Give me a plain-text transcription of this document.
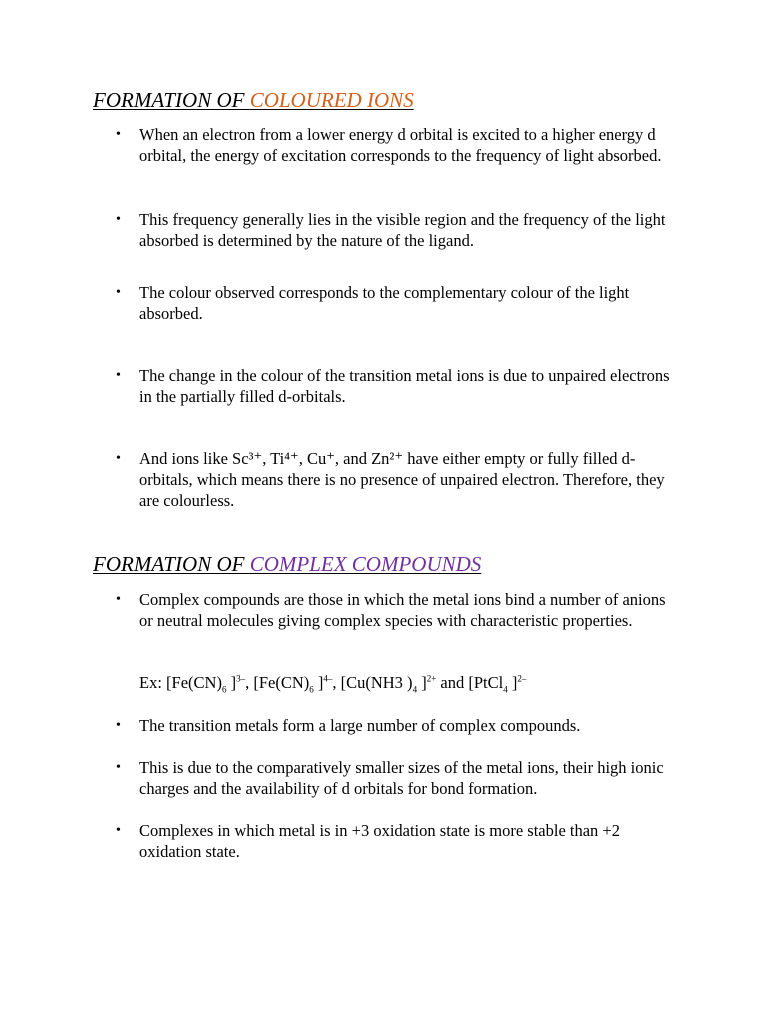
FORMATION OF COLOURED IONS
• When an electron from a lower energy d orbital is excited to a higher energy d orbital, the energy of excitation corresponds to the frequency of light absorbed.
• This frequency generally lies in the visible region and the frequency of the light absorbed is determined by the nature of the ligand.
• The colour observed corresponds to the complementary colour of the light absorbed.
• The change in the colour of the transition metal ions is due to unpaired electrons in the partially filled d-orbitals.
• And ions like Sc³⁺, Ti⁴⁺, Cu⁺, and Zn²⁺ have either empty or fully filled d-orbitals, which means there is no presence of unpaired electron. Therefore, they are colourless.
FORMATION OF COMPLEX COMPOUNDS
• Complex compounds are those in which the metal ions bind a number of anions or neutral molecules giving complex species with characteristic properties.
Ex: [$Fe(CN)_6$ ]$^{3-}$, [$Fe(CN)_6$ ]$^{4-}$, [Cu(NH3 )$_4$ ]$^{2+}$ and [PtCl$_4$ ]$^{2-}$
• The transition metals form a large number of complex compounds.
• This is due to the comparatively smaller sizes of the metal ions, their high ionic charges and the availability of d orbitals for bond formation.
• Complexes in which metal is in +3 oxidation state is more stable than +2 oxidation state.
